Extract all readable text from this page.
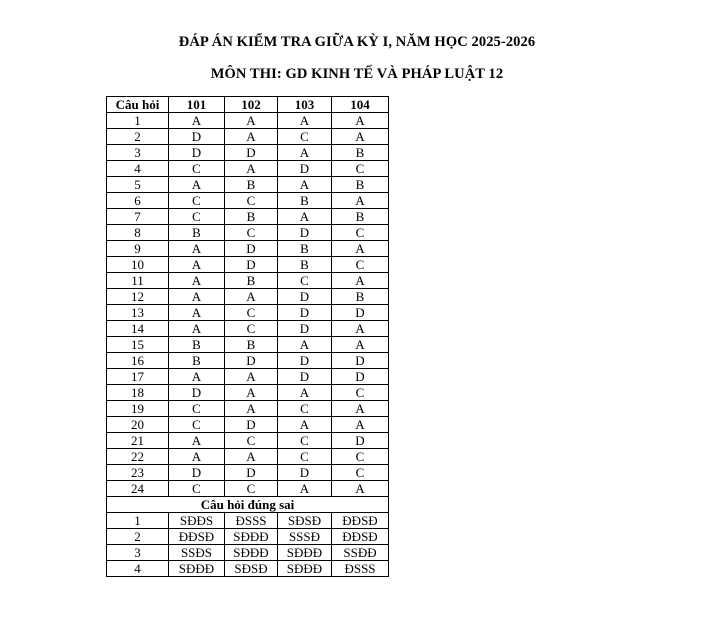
ĐÁP ÁN KIỂM TRA GIỮA KỲ I, NĂM HỌC 2025-2026
MÔN THI: GD KINH TẾ VÀ PHÁP LUẬT 12
Câu hỏi	101	102	103	104
1	A	A	A	A
2	D	A	C	A
3	D	D	A	B
4	C	A	D	C
5	A	B	A	B
6	C	C	B	A
7	C	B	A	B
8	B	C	D	C
9	A	D	B	A
10	A	D	B	C
11	A	B	C	A
12	A	A	D	B
13	A	C	D	D
14	A	C	D	A
15	B	B	A	A
16	B	D	D	D
17	A	A	D	D
18	D	A	A	C
19	C	A	C	A
20	C	D	A	A
21	A	C	C	D
22	A	A	C	C
23	D	D	D	C
24	C	C	A	A
Câu hỏi đúng sai				
1	SĐĐS	ĐSSS	SĐSĐ	ĐĐSĐ
2	ĐĐSĐ	SĐĐĐ	SSSĐ	ĐĐSĐ
3	SSĐS	SĐĐĐ	SĐĐĐ	SSĐĐ
4	SĐĐĐ	SĐSĐ	SĐĐĐ	ĐSSS
